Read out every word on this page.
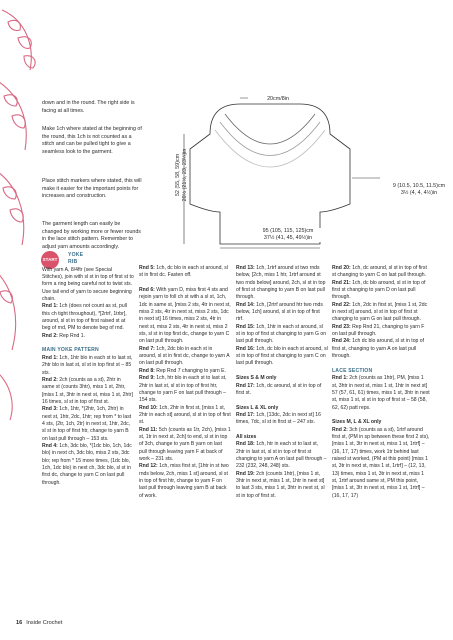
down and in the round. The right side is facing at all times.

Make 1ch where stated at the beginning of the round, this 1ch is not counted as a stitch and can be pulled tight to give a seamless look to the garment.

Place stitch markers where stated, this will make it easier for the important points for increases and construction.

The garment length can easily be changed by working more or fewer rounds in the lace stitch pattern. Remember to adjust yarn amounts accordingly.

20cm/8in
52 (55, 58, 59)cm 20½ (21½, 23, 23¼)in	9 (10.5, 10.5, 11.5)cm
3½ (4, 4, 4½)in
95 (105, 115, 125)cm
37½ (41, 45, 49½)in
START

YOKE

RIB

With yarn A, 8/4ftr (see Special Stitches), join with sl st in top of first st to form a ring being careful not to twist sts. Use tail end of yarn to secure beginning chain.

Rnd 1: 1ch (does not count as st, pull this ch tight throughout), *[2rtrf, 1trbr], around, sl st in top of first raised st at beg of rnd, PM to denote beg of rnd.

Rnd 2: Rep Rnd 1.

MAIN YOKE PATTERN

Rnd 1: 1ch, 1htr blo in each st to last st, 2htr blo in last st, sl st in top first st – 85 sts.

Rnd 2: 2ch (counts as a st), 2htr in same st (counts 3htr), miss 1 st, 2htr, [miss 1 st, 3htr in next st, miss 1 st, 2htr] 16 times, sl st in top of first st.

Rnd 3: 1ch, 1htr, *(2htr, 1ch, 2htr) in next st, 1htr, 2dc, 1htr; rep from * to last 4 sts, (2tr, 1ch, 2tr) in next st, 1htr, 2dc, sl st in top of first htr, change to yarn B on last pull through – 153 sts.

Rnd 4: 1ch, 3dc blo, *(1dc blo, 1ch, 1dc blo) in next ch, 3dc blo, miss 2 sts, 3dc blo; rep from * 15 more times, (1dc blo, 1ch, 1dc blo) in next ch, 3dc blo, sl st in first dc, change to yarn C on last pull through.

Rnd 5: 1ch, dc blo in each st around, sl st in first dc. Fasten off.

Rnd 6: With yarn D, miss first 4 sts and rejoin yarn to foll ch st with a sl st, 1ch, 1dc in same st, [miss 2 sts, 4tr in next st, miss 2 sts, 4tr in next st, miss 2 sts, 1dc in next st] 16 times, miss 2 sts, 4tr in next st, miss 2 sts, 4tr in next st, miss 2 sts, sl st in top first dc, change to yarn C on last pull through.

Rnd 7: 1ch, 2dc blo in each st in around, sl st in first dc, change to yarn A on last pull through.

Rnd 8: Rep Rnd 7 changing to yarn E.

Rnd 9: 1ch, htr blo in each st to last st, 2htr in last st, sl st in top of first htr, change to yarn F on last pull through – 154 sts.

Rnd 10: 1ch, 2htr in first st, [miss 1 st, 2htr in each st] around, sl st in top of first st.

Rnd 11: 5ch (counts as 1tr, 2ch), [miss 1 st, 1tr in next st, 2ch] to end, sl st in top of 3ch, change to yarn B yarn on last pull through leaving yarn F at back of work – 231 sts.

Rnd 12: 1ch, miss first st, [1htr in st two rnds below, 2ch, miss 1 st] around, sl st in top of first htr, change to yarn F on last pull through leaving yarn B at back of work.

Rnd 13: 1ch, 1rtrf around st two rnds below, [2ch, miss 1 htr, 1rtrf around st two rnds below] around, 2ch, sl st in top of first st changing to yarn B on last pull through.

Rnd 14: 1ch, [2rtrf around htr two rnds below, 1ch] around, sl st in top of first rtrf.

Rnd 15: 1ch, 1htr in each st around, sl st in top of first st changing to yarn G on last pull through.

Rnd 16: 1ch, dc blo in each st around, sl st in top of first st changing to yarn C on last pull through.

Sizes S & M only

Rnd 17: 1ch, dc around, sl st in top of first st.

Sizes L & XL only

Rnd 17: 1ch, [13dc, 2dc in next st] 16 times, 7dc, sl st in first st – 247 sts.

All sizes

Rnd 18: 1ch, htr in each st to last st, 2htr in last st, sl st in top of first st changing to yarn A on last pull through – 232 (232, 248, 248) sts.

Rnd 19: 2ch (counts 1htr), [miss 1 st, 3htr in next st, miss 1 st, 1htr in next st] to last 3 sts, miss 1 st, 3htr in next st, sl st in top of first st.

Rnd 20: 1ch, dc around, sl st in top of first st changing to yarn C on last pull through.

Rnd 21: 1ch, dc blo around, sl st in top of first st changing to yarn D on last pull through.

Rnd 22: 1ch, 2dc in first st, [miss 1 st, 2dc in next st] around, sl st in top of first st changing to yarn G on last pull through.

Rnd 23: Rep Rnd 21, changing to yarn F on last pull through.

Rnd 24: 1ch dc blo around, sl st in top of first st, changing to yarn A on last pull through.

LACE SECTION

Rnd 1: 2ch (counts as 1htr), PM, [miss 1 st, 3htr in next st, miss 1 st, 1htr in next st] 57 (57, 61, 61) times, miss 1 st, 3htr in next st, miss 1 st, sl st in top of first st – 58 (58, 62, 62) patt reps.

Sizes M, L & XL only

Rnd 2: 3ch (counts as a st), 1rtrf around first st, (PM in sp between these first 2 sts), [miss 1 st, 3tr in next st, miss 1 st, 1rtrf] – (16, 17, 17) times, work 1tr behind last raised st worked, (PM at this point) [miss 1 st, 3tr in next st, miss 1 st, 1rtrf] – (12, 13, 13) times, miss 1 st, 3tr in next st, miss 1 st, 1rtrf around same st, PM this point, [miss 1 st, 3tr in next st, miss 1 st, 1rtrf] – (16, 17, 17)

16 Inside Crochet
